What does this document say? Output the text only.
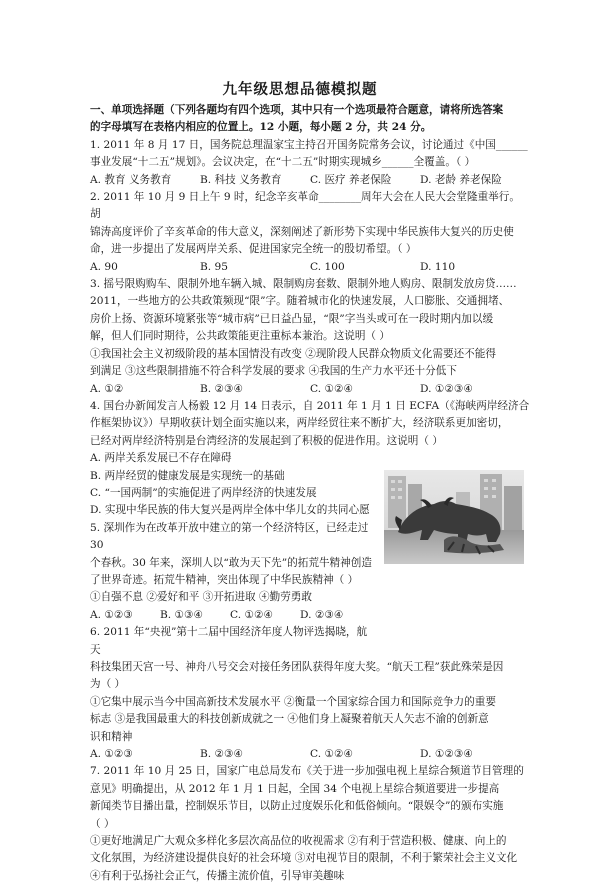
九年级思想品德模拟题

一、单项选择题（下列各题均有四个选项，其中只有一个选项最符合题意，请将所选答案

的字母填写在表格内相应的位置上。12 小题，每小题 2 分，共 24 分。

1. 2011 年 8 月 17 日，国务院总理温家宝主持召开国务院常务会议，讨论通过《中国______

事业发展“十二五”规划》。会议决定，在“十二五”时期实现城乡______全覆盖。（ ）

A. 教育 义务教育	B. 科技 义务教育	C. 医疗 养老保险	D. 老龄 养老保险

2. 2011 年 10 月 9 日上午 9 时，纪念辛亥革命________周年大会在人民大会堂隆重举行。胡

锦涛高度评价了辛亥革命的伟大意义，深刻阐述了新形势下实现中华民族伟大复兴的历史使

命，进一步提出了发展两岸关系、促进国家完全统一的殷切希望。（ ）

A. 90	B. 95	C. 100	D. 110

3. 摇号限购购车、限制外地车辆入城、限制购房套数、限制外地人购房、限制发放房贷……

2011，一些地方的公共政策频现“限”字。随着城市化的快速发展，人口膨胀、交通拥堵、

房价上扬、资源环境紧张等“城市病”已日益凸显，“限”字当头或可在一段时期内加以缓

解，但人们同时期待，公共政策能更注重标本兼治。这说明（ ）

①我国社会主义初级阶段的基本国情没有改变 ②现阶段人民群众物质文化需要还不能得

到满足 ③这些限制措施不符合科学发展的要求 ④我国的生产力水平还十分低下

A. ①②	B. ②③④	C. ①②④	D. ①②③④

4. 国台办新闻发言人杨毅 12 月 14 日表示，自 2011 年 1 月 1 日 ECFA（《海峡两岸经济合

作框架协议》）早期收获计划全面实施以来，两岸经贸往来不断扩大，经济联系更加密切，

已经对两岸经济特别是台湾经济的发展起到了积极的促进作用。这说明（ ）

A. 两岸关系发展已不存在障碍

B. 两岸经贸的健康发展是实现统一的基础

C. “一国两制”的实施促进了两岸经济的快速发展

D. 实现中华民族的伟大复兴是两岸全体中华儿女的共同心愿

5. 深圳作为在改革开放中建立的第一个经济特区，已经走过 30

个春秋。30 年来，深圳人以“敢为天下先”的拓荒牛精神创造

了世界奇迹。拓荒牛精神，突出体现了中华民族精神（ ）

①自强不息 ②爱好和平 ③开拓进取 ④勤劳勇敢

A. ①②③	B. ①③④	C. ①②④	D. ②③④

6. 2011 年“央视”第十二届中国经济年度人物评选揭晓，航天

科技集团天宫一号、神舟八号交会对接任务团队获得年度大奖。“航天工程”获此殊荣是因

为（ ）

①它集中展示当今中国高新技术发展水平 ②衡量一个国家综合国力和国际竞争力的重要

标志 ③是我国最重大的科技创新成就之一 ④他们身上凝聚着航天人矢志不渝的创新意

识和精神

A. ①②③	B. ②③④	C. ①②④	D. ①②③④

7. 2011 年 10 月 25 日，国家广电总局发布《关于进一步加强电视上星综合频道节目管理的

意见》明确提出，从 2012 年 1 月 1 日起，全国 34 个电视上星综合频道要进一步提高

新闻类节目播出量，控制娱乐节目，以防止过度娱乐化和低俗倾向。“限娱令”的颁布实施

（ ）

①更好地满足广大观众多样化多层次高品位的收视需求 ②有利于营造积极、健康、向上的

文化氛围，为经济建设提供良好的社会环境 ③对电视节目的限制，不利于繁荣社会主义文化

④有利于弘扬社会正气，传播主流价值，引导审美趣味
